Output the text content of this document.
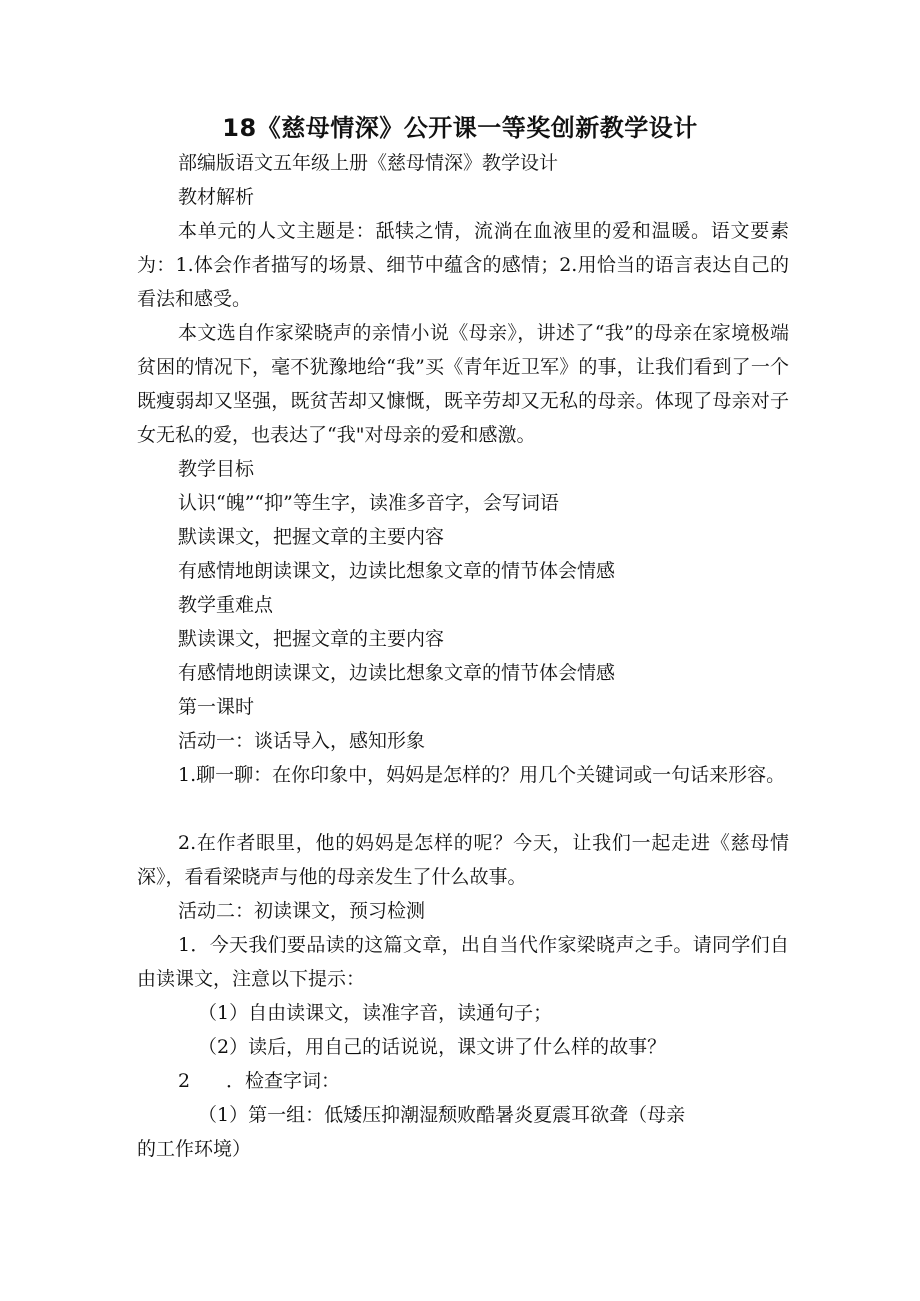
18《慈母情深》公开课一等奖创新教学设计
部编版语文五年级上册《慈母情深》教学设计
教材解析
本单元的人文主题是：舐犊之情，流淌在血液里的爱和温暖。语文要素为：1.体会作者描写的场景、细节中蕴含的感情；2.用恰当的语言表达自己的看法和感受。
本文选自作家梁晓声的亲情小说《母亲》，讲述了“我”的母亲在家境极端贫困的情况下，毫不犹豫地给“我”买《青年近卫军》的事，让我们看到了一个既瘦弱却又坚强，既贫苦却又慷慨，既辛劳却又无私的母亲。体现了母亲对子女无私的爱，也表达了“我"对母亲的爱和感激。
教学目标
认识“魄”“抑”等生字，读准多音字，会写词语
默读课文，把握文章的主要内容
有感情地朗读课文，边读比想象文章的情节体会情感
教学重难点
默读课文，把握文章的主要内容
有感情地朗读课文，边读比想象文章的情节体会情感
第一课时
活动一：谈话导入，感知形象
1.聊一聊：在你印象中，妈妈是怎样的？用几个关键词或一句话来形容。
2.在作者眼里，他的妈妈是怎样的呢？今天，让我们一起走进《慈母情深》，看看梁晓声与他的母亲发生了什么故事。
活动二：初读课文，预习检测
1．今天我们要品读的这篇文章，出自当代作家梁晓声之手。请同学们自由读课文，注意以下提示：
（1）自由读课文，读准字音，读通句子；
（2）读后，用自己的话说说，课文讲了什么样的故事？
2 ．检查字词：
（1）第一组：低矮压抑潮湿颓败酷暑炎夏震耳欲聋（母亲
的工作环境）
